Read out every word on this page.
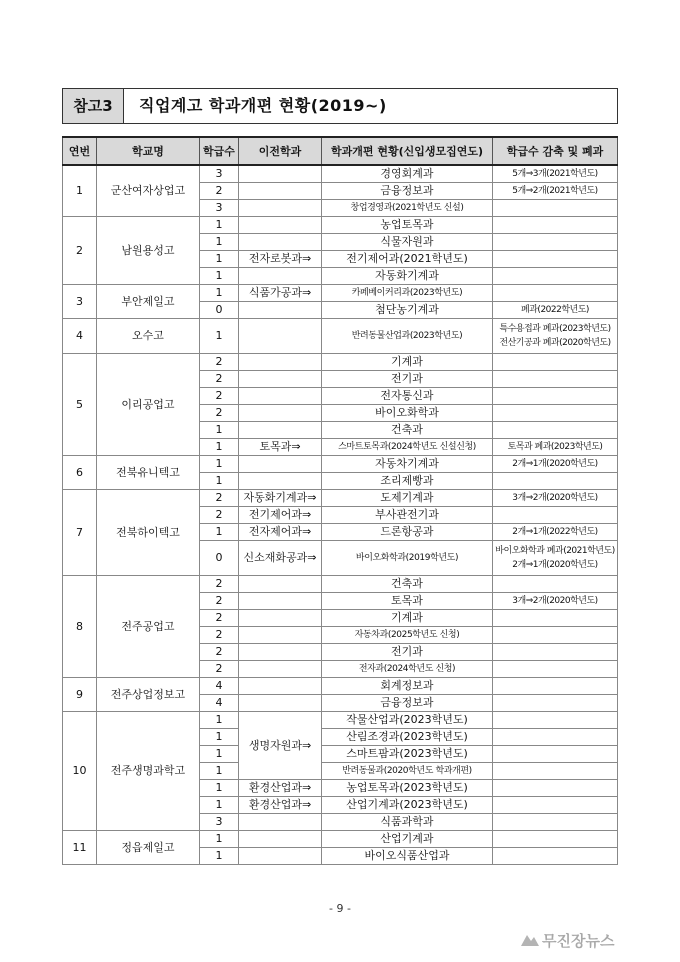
참고3	직업계고 학과개편 현황(2019~)
연번	학교명	학급수	이전학과	학과개편 현황(신입생모집연도)	학급수 감축 및 폐과
1	군산여자상업고	3		경영회계과	5개⇒3개(2021학년도)
		2		금융정보과	5개⇒2개(2021학년도)
		3		창업경영과(2021학년도 신설)	
2	남원용성고	1		농업토목과	
		1		식물자원과	
		1	전자로봇과⇒	전기제어과(2021학년도)	
		1		자동화기계과	
3	부안제일고	1	식품가공과⇒	카페베이커리과(2023학년도)	
		0		첨단농기계과	폐과(2022학년도)
4	오수고	1		반려동물산업과(2023학년도)	특수용접과 폐과(2023학년도)
전산기공과 폐과(2020학년도)

5	이리공업고	2		기계과	
		2		전기과	
		2		전자통신과	
		2		바이오화학과	
		1		건축과	
		1	토목과⇒	스마트토목과(2024학년도 신설신청)	토목과 폐과(2023학년도)
6	전북유니텍고	1		자동차기계과	2개⇒1개(2020학년도)
		1		조리제빵과	
7	전북하이텍고	2	자동화기계과⇒	도제기계과	3개⇒2개(2020학년도)
		2	전기제어과⇒	부사관전기과	
		1	전자제어과⇒	드론항공과	2개⇒1개(2022학년도)
		0	신소재화공과⇒	바이오화학과(2019학년도)	바이오화학과 폐과(2021학년도)
2개⇒1개(2020학년도)

8	전주공업고	2		건축과	
		2		토목과	3개⇒2개(2020학년도)
		2		기계과	
		2		자동차과(2025학년도 신청)	
		2		전기과	
		2		전자과(2024학년도 신청)	
9	전주상업정보고	4		회계정보과	
		4		금융정보과	
10	전주생명과학고	1	생명자원과⇒	작물산업과(2023학년도)	
		1		산림조경과(2023학년도)	
		1		스마트팜과(2023학년도)	
		1		반려동물과(2020학년도 학과개편)	
		1	환경산업과⇒	농업토목과(2023학년도)	
		1	환경산업과⇒	산업기계과(2023학년도)	
		3		식품과학과	
11	정읍제일고	1		산업기계과	
		1		바이오식품산업과	
- 9 -
무진장뉴스
